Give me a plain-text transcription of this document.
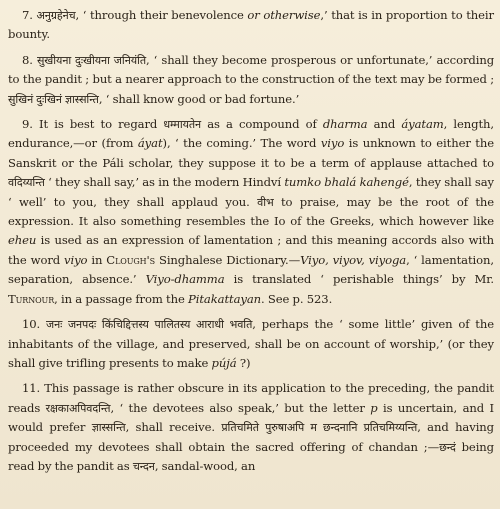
7. अनुग्रहेनेच, ‘ through their benevolence or otherwise,’ that is in proportion to their bounty.

8. सुखीयना दुःखीयना जनियंति, ‘ shall they become prosperous or unfortunate,’ according to the pandit ; but a nearer approach to the construction of the text may be formed ; सुखिनं दुःखिनं ज्ञास्सन्ति, ‘ shall know good or bad fortune.’

9. It is best to regard धम्मायतेन as a compound of dharma and áyatam, length, endurance,—or (from áyat), ‘ the coming.’ The word viyo is unknown to either the Sanskrit or the Páli scholar, they suppose it to be a term of applause attached to वदिय्यन्ति ‘ they shall say,’ as in the modern Hindví tumko bhalá kahengé, they shall say ‘ well’ to you, they shall applaud you. वीभ to praise, may be the root of the expression. It also something resembles the Io of the Greeks, which however like eheu is used as an expression of lamentation ; and this meaning accords also with the word viyo in Clough's Singhalese Dictionary.—Viyo, viyov, viyoga, ‘ lamentation, separation, absence.’ Viyo-dhamma is translated ‘ perishable things’ by Mr. Turnour, in a passage from the Pitakattayan. See p. 523.

10. जनः जनपदः किंचिद्दित्तस्य पालितस्य आराधी भवति, perhaps the ‘ some little’ given of the inhabitants of the village, and preserved, shall be on account of worship,’ (or they shall give trifling presents to make pújá ?)

11. This passage is rather obscure in its application to the preceding, the pandit reads रक्षकाअपिवदन्ति, ‘ the devotees also speak,’ but the letter p is uncertain, and I would prefer ज्ञास्सन्ति, shall receive. प्रतिचमिते पुरुषाअपि म छन्दनानि प्रतिचमिय्यन्ति, and having proceeded my devotees shall obtain the sacred offering of chandan ;—छन्दं being read by the pandit as चन्दन, sandal-wood, an
